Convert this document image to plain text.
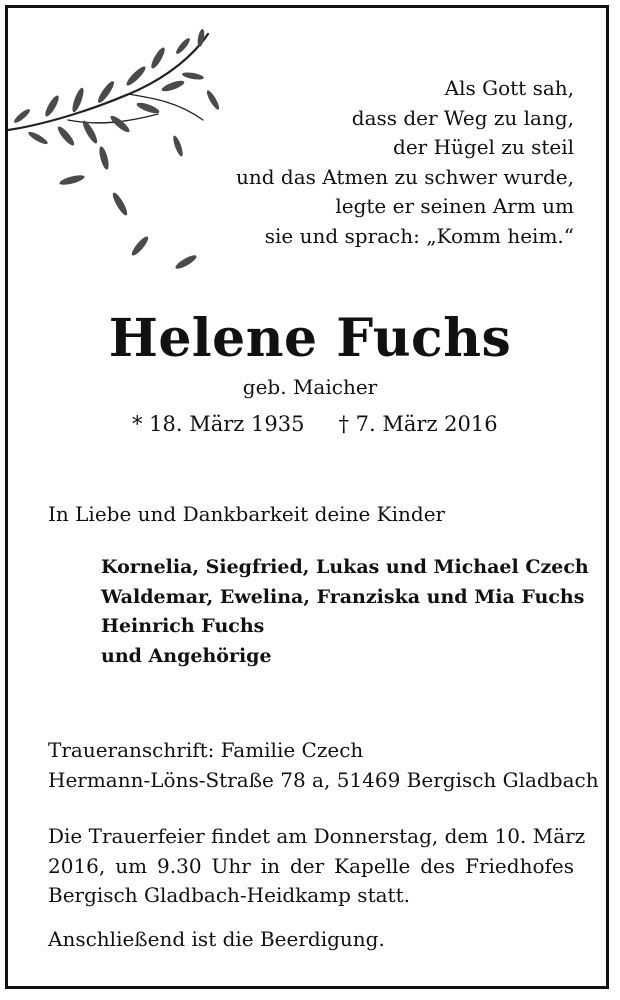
Als Gott sah,
dass der Weg zu lang,
der Hügel zu steil
und das Atmen zu schwer wurde,
legte er seinen Arm um
sie und sprach: „Komm heim.“
Helene Fuchs
geb. Maicher
* 18. März 1935 † 7. März 2016
In Liebe und Dankbarkeit deine Kinder
Kornelia, Siegfried, Lukas und Michael Czech
Waldemar, Ewelina, Franziska und Mia Fuchs
Heinrich Fuchs
und Angehörige
Traueranschrift: Familie Czech
Hermann-Löns-Straße 78 a, 51469 Bergisch Gladbach
Die Trauerfeier findet am Donnerstag, dem 10. März
2016, um 9.30 Uhr in der Kapelle des Friedhofes
Bergisch Gladbach-Heidkamp statt.
Anschließend ist die Beerdigung.
